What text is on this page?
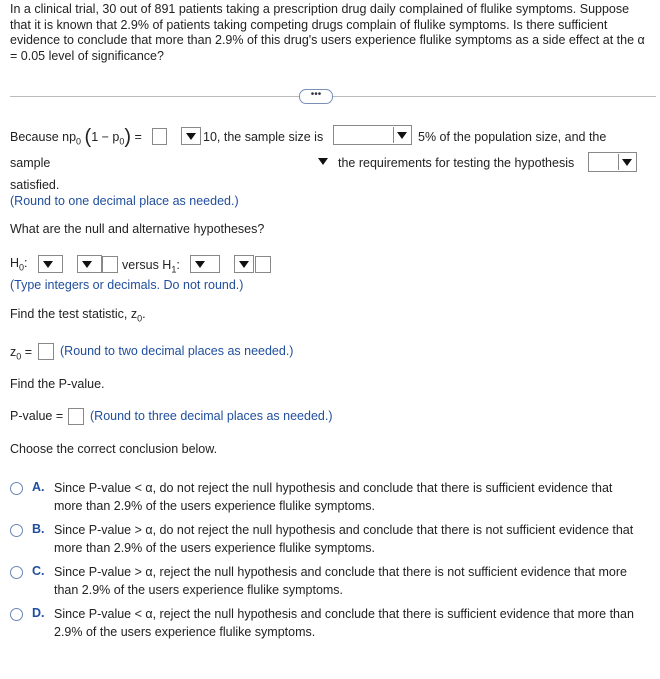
In a clinical trial, 30 out of 891 patients taking a prescription drug daily complained of flulike symptoms. Suppose that it is known that 2.9% of patients taking competing drugs complain of flulike symptoms. Is there sufficient evidence to conclude that more than 2.9% of this drug's users experience flulike symptoms as a side effect at the α = 0.05 level of significance?
•••
Because $np_0$ $(1 - p_0)$ =	10, the sample size is	5% of the population size, and the
sample	the requirements for testing the hypothesis
satisfied.
(Round to one decimal place as needed.)
What are the null and alternative hypotheses?
$H_0$:	versus $H_1$:
(Type integers or decimals. Do not round.)
Find the test statistic, $z_0$.
$z_0$ = (Round to two decimal places as needed.)
Find the P-value.
P-value = (Round to three decimal places as needed.)
Choose the correct conclusion below.
A. Since P-value < α, do not reject the null hypothesis and conclude that there is sufficient evidence that more than 2.9% of the users experience flulike symptoms.
B. Since P-value > α, do not reject the null hypothesis and conclude that there is not sufficient evidence that more than 2.9% of the users experience flulike symptoms.
C. Since P-value > α, reject the null hypothesis and conclude that there is not sufficient evidence that more than 2.9% of the users experience flulike symptoms.
D. Since P-value < α, reject the null hypothesis and conclude that there is sufficient evidence that more than 2.9% of the users experience flulike symptoms.
